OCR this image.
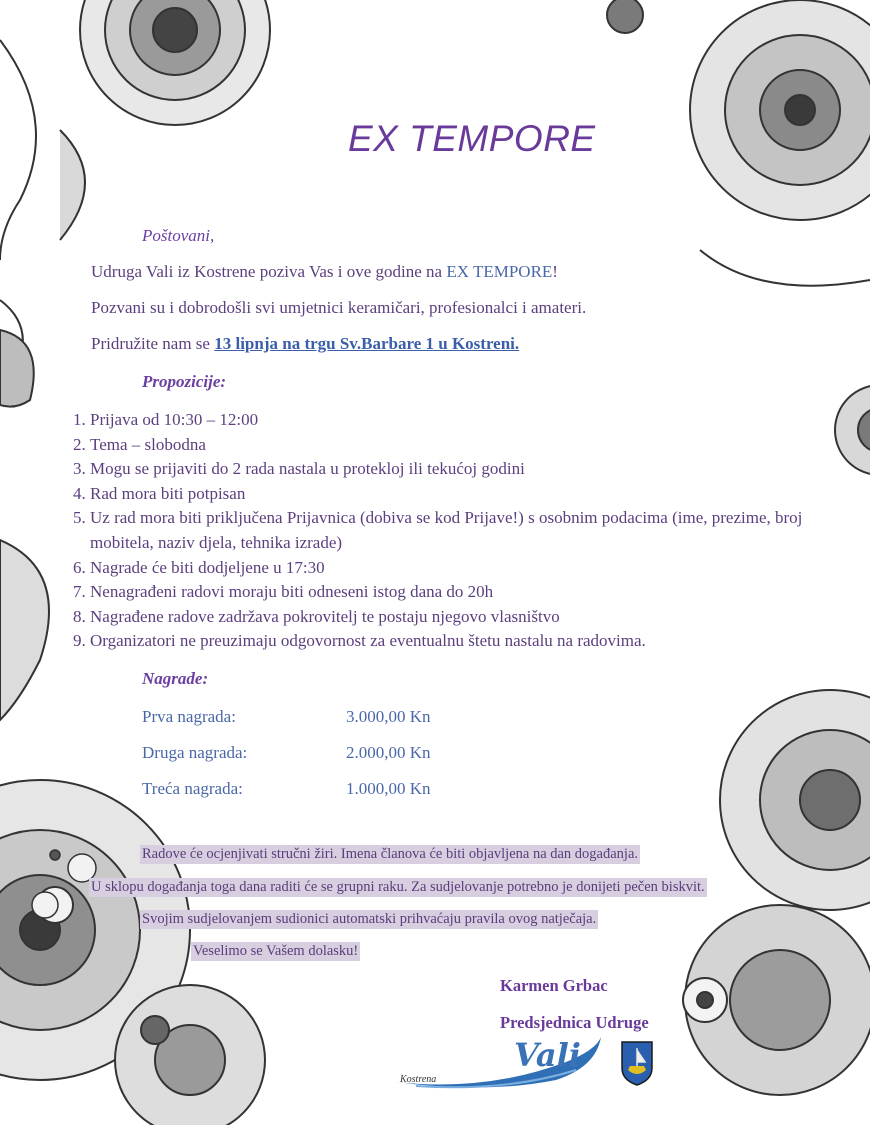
EX TEMPORE
Poštovani,
Udruga Vali iz Kostrene poziva Vas i ove godine na EX TEMPORE!
Pozvani su i dobrodošli svi umjetnici keramičari, profesionalci i amateri.
Pridružite nam se 13 lipnja na trgu Sv.Barbare 1 u Kostreni.
Propozicije:
1. Prijava od 10:30 – 12:00
2. Tema – slobodna
3. Mogu se prijaviti do 2 rada nastala u protekloj ili tekućoj godini
4. Rad mora biti potpisan
5. Uz rad mora biti priključena Prijavnica (dobiva se kod Prijave!) s osobnim podacima (ime, prezime, broj mobitela, naziv djela, tehnika izrade)
6. Nagrade će biti dodjeljene u 17:30
7. Nenagrađeni radovi moraju biti odneseni istog dana do 20h
8. Nagrađene radove zadržava pokrovitelj te postaju njegovo vlasništvo
9. Organizatori ne preuzimaju odgovornost za eventualnu štetu nastalu na radovima.
Nagrade:
Prva nagrada:	3.000,00 Kn
Druga nagrada:	2.000,00 Kn
Treća nagrada:	1.000,00 Kn
Radove će ocjenjivati stručni žiri. Imena članova će biti objavljena na dan događanja.
U sklopu događanja toga dana raditi će se grupni raku. Za sudjelovanje potrebno je donijeti pečen biskvit.
Svojim sudjelovanjem sudionici automatski prihvaćaju pravila ovog natječaja.
Veselimo se Vašem dolasku!
Karmen Grbac
Predsjednica Udruge
Vali
Kostrena
